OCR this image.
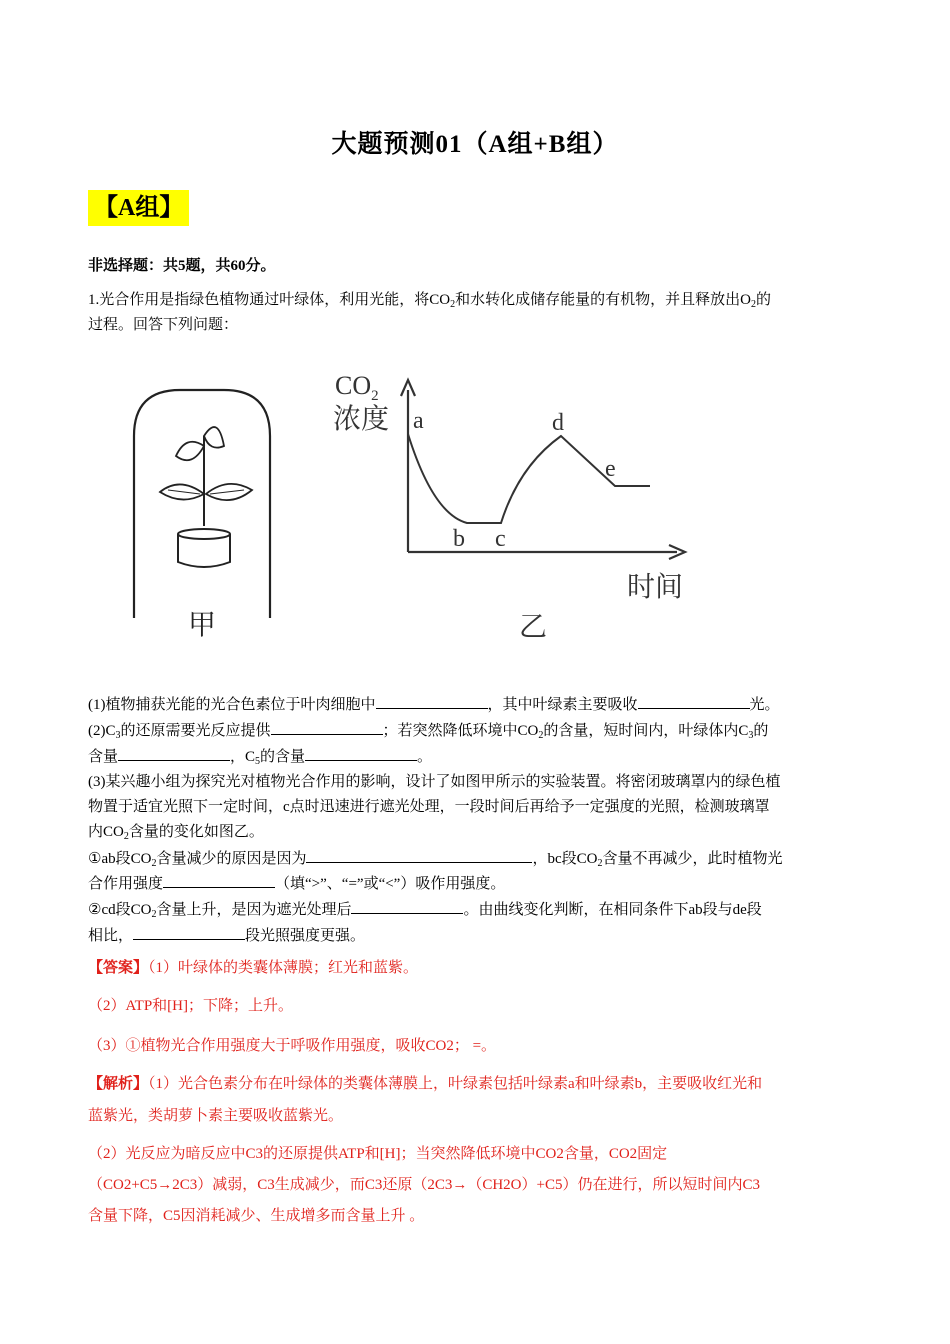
大题预测01（A组+B组）
【A组】
非选择题：共5题，共60分。
1.光合作用是指绿色植物通过叶绿体，利用光能，将$CO_2$和水转化成储存能量的有机物，并且释放出$O_2$的
过程。回答下列问题：
甲
$CO_2$
浓度 a
b c
d
e
时间
乙
(1)植物捕获光能的光合色素位于叶肉细胞中	，其中叶绿素主要吸收	光。
$(2)C_3$的还原需要光反应提供	；若突然降低环境中$CO_2$的含量，短时间内，叶绿体内$C_3$的
含量	，$C_5$的含量	。
(3)某兴趣小组为探究光对植物光合作用的影响，设计了如图甲所示的实验装置。将密闭玻璃罩内的绿色植
物置于适宜光照下一定时间，c点时迅速进行遮光处理，一段时间后再给予一定强度的光照，检测玻璃罩
内$CO_2$含量的变化如图乙。
①ab段$CO_2$含量减少的原因是因为	，bc段$CO_2$含量不再减少，此时植物光
合作用强度	（填“>”、“=”或“<”）吸作用强度。
②cd段$CO_2$含量上升，是因为遮光处理后	。由曲线变化判断，在相同条件下ab段与de段
相比，	段光照强度更强。
【答案】（1）叶绿体的类囊体薄膜；红光和蓝紫。
（2）ATP和[H]；下降；上升。
（3）①植物光合作用强度大于呼吸作用强度，吸收CO2； =。
【解析】（1）光合色素分布在叶绿体的类囊体薄膜上，叶绿素包括叶绿素a和叶绿素b，主要吸收红光和
蓝紫光，类胡萝卜素主要吸收蓝紫光。
（2）光反应为暗反应中C3的还原提供ATP和[H]；当突然降低环境中CO2含量，CO2固定
（CO2+C5→2C3）减弱，C3生成减少，而C3还原（2C3→（CH2O）+C5）仍在进行，所以短时间内C3
含量下降，C5因消耗减少、生成增多而含量上升 。
